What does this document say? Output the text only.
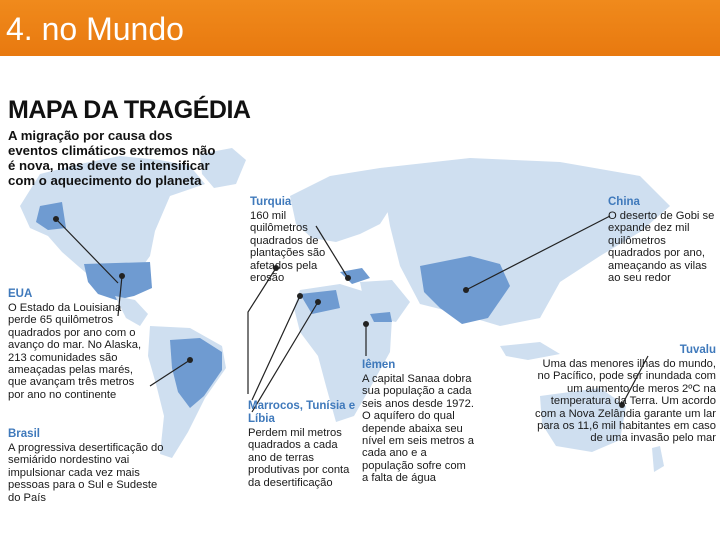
4. no Mundo
MAPA DA TRAGÉDIA
A migração por causa dos eventos climáticos extremos não é nova, mas deve se intensificar com o aquecimento do planeta
EUA
O Estado da Louisiana perde 65 quilômetros quadrados por ano com o avanço do mar. No Alaska, 213 comunidades são ameaçadas pelas marés, que avançam três metros por ano no continente
Brasil
A progressiva desertificação do semiárido nordestino vai impulsionar cada vez mais pessoas para o Sul e Sudeste do País
Turquia
160 mil quilômetros quadrados de plantações são afetados pela erosão
Marrocos, Tunísia e Líbia
Perdem mil metros quadrados a cada ano de terras produtivas por conta da desertificação
Iêmen
A capital Sanaa dobra sua população a cada seis anos desde 1972. O aquífero do qual depende abaixa seu nível em seis metros a cada ano e a população sofre com a falta de água
China
O deserto de Gobi se expande dez mil quilômetros quadrados por ano, ameaçando as vilas ao seu redor
Tuvalu
Uma das menores ilhas do mundo, no Pacífico, pode ser inundada com um aumento de meros 2ºC na temperatura da Terra. Um acordo com a Nova Zelândia garante um lar para os 11,6 mil habitantes em caso de uma invasão pelo mar
